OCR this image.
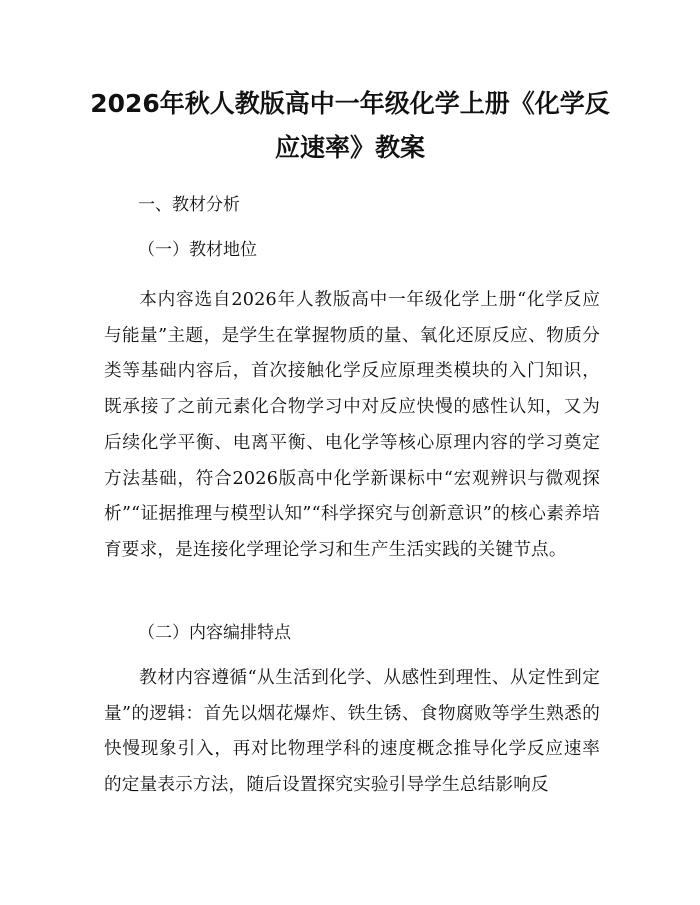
2026年秋人教版高中一年级化学上册《化学反应速率》教案

一、教材分析

（一）教材地位

本内容选自2026年人教版高中一年级化学上册“化学反应与能量”主题，是学生在掌握物质的量、氧化还原反应、物质分类等基础内容后，首次接触化学反应原理类模块的入门知识，既承接了之前元素化合物学习中对反应快慢的感性认知，又为后续化学平衡、电离平衡、电化学等核心原理内容的学习奠定方法基础，符合2026版高中化学新课标中“宏观辨识与微观探析”“证据推理与模型认知”“科学探究与创新意识”的核心素养培育要求，是连接化学理论学习和生产生活实践的关键节点。

（二）内容编排特点

教材内容遵循“从生活到化学、从感性到理性、从定性到定量”的逻辑：首先以烟花爆炸、铁生锈、食物腐败等学生熟悉的快慢现象引入，再对比物理学科的速度概念推导化学反应速率的定量表示方法，随后设置探究实验引导学生总结影响反
